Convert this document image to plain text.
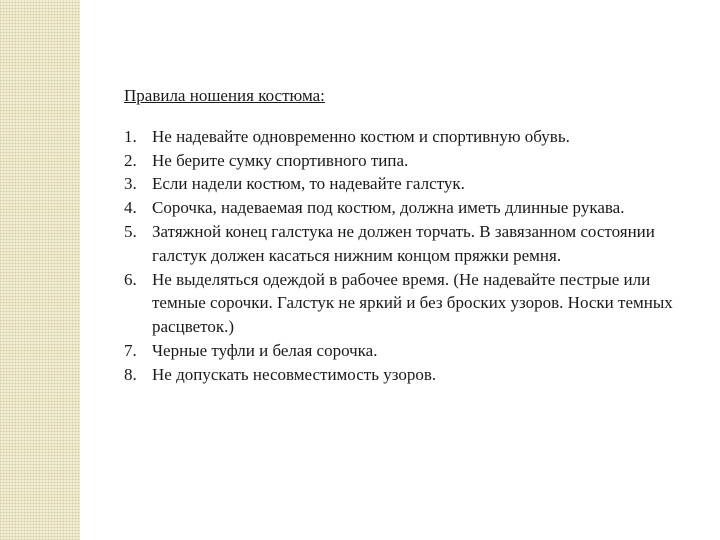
Правила ношения костюма:
1. Не надевайте одновременно костюм и спортивную обувь.
2. Не берите сумку спортивного типа.
3. Если надели костюм, то надевайте галстук.
4. Сорочка, надеваемая под костюм, должна иметь длинные рукава.
5. Затяжной конец галстука не должен торчать. В завязанном состоянии галстук должен касаться нижним концом пряжки ремня.
6. Не выделяться одеждой в рабочее время. (Не надевайте пестрые или темные сорочки. Галстук не яркий и без броских узоров. Носки темных расцветок.)
7. Черные туфли и белая сорочка.
8. Не допускать несовместимость узоров.
